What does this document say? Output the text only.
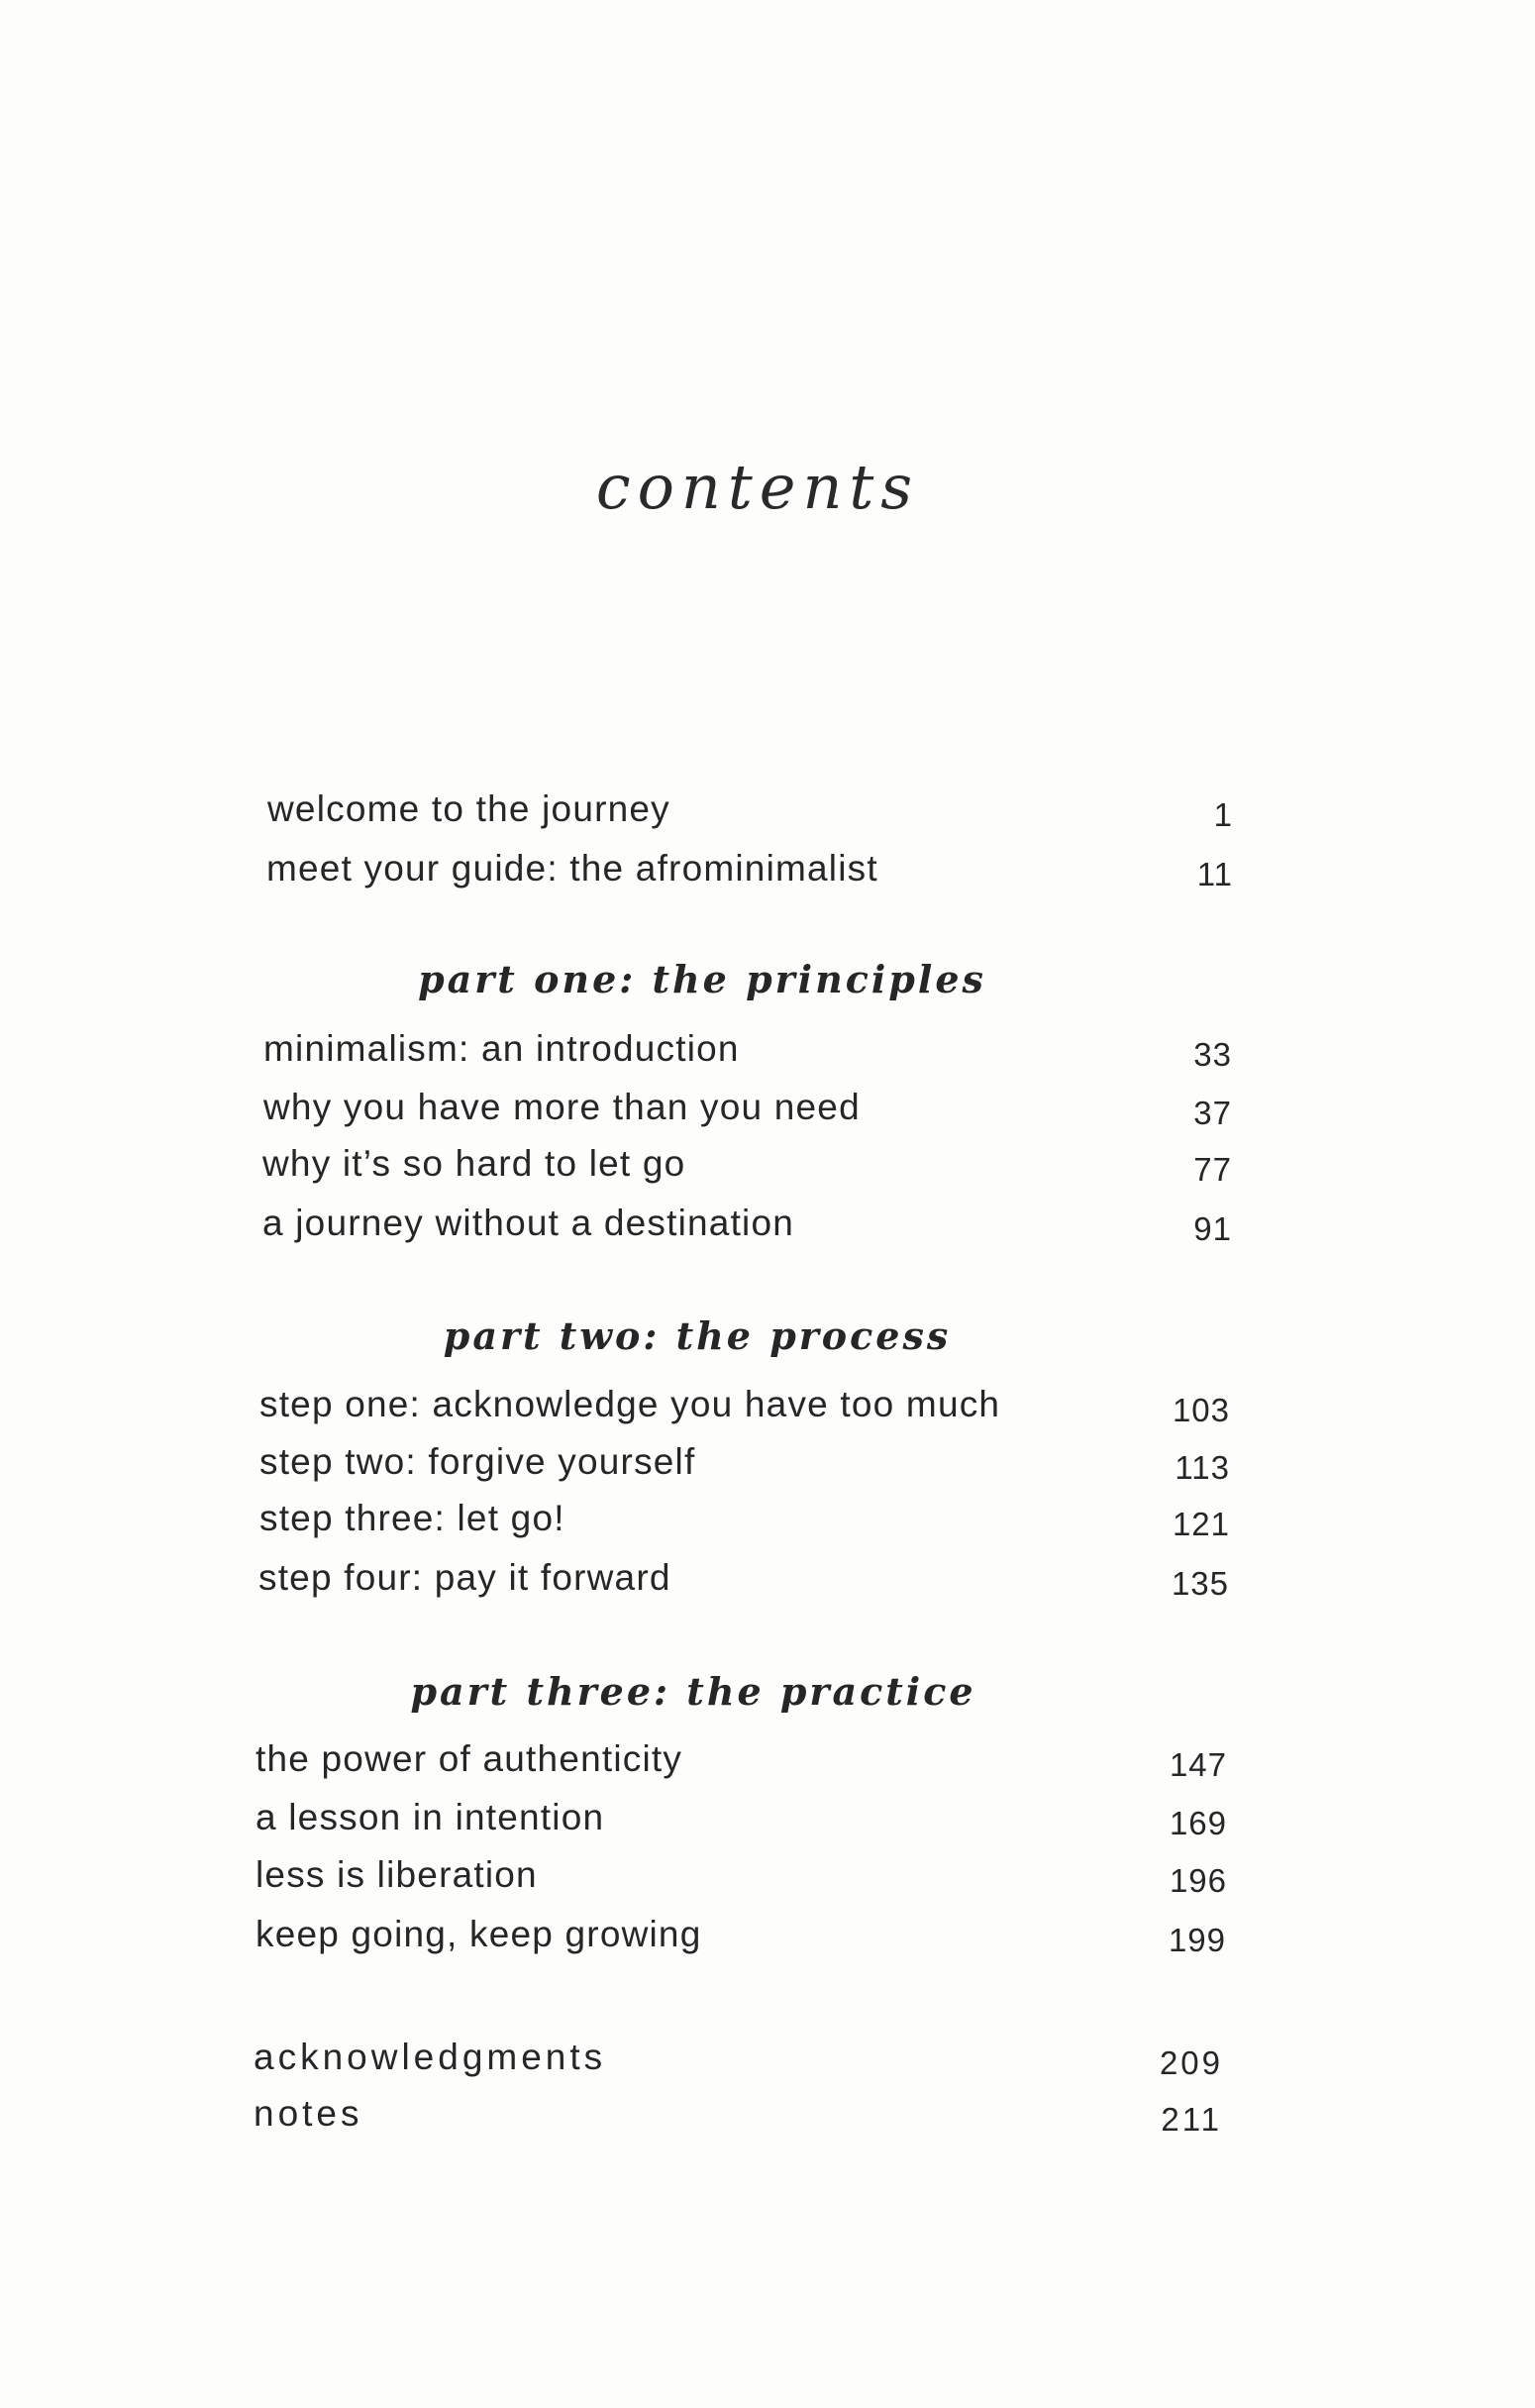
contents
welcome to the journey	1
meet your guide: the afrominimalist	11
part one: the principles
minimalism: an introduction	33
why you have more than you need	37
why it’s so hard to let go	77
a journey without a destination	91
part two: the process
step one: acknowledge you have too much	103
step two: forgive yourself	113
step three: let go!	121
step four: pay it forward	135
part three: the practice
the power of authenticity	147
a lesson in intention	169
less is liberation	196
keep going, keep growing	199
acknowledgments	209
notes	211
